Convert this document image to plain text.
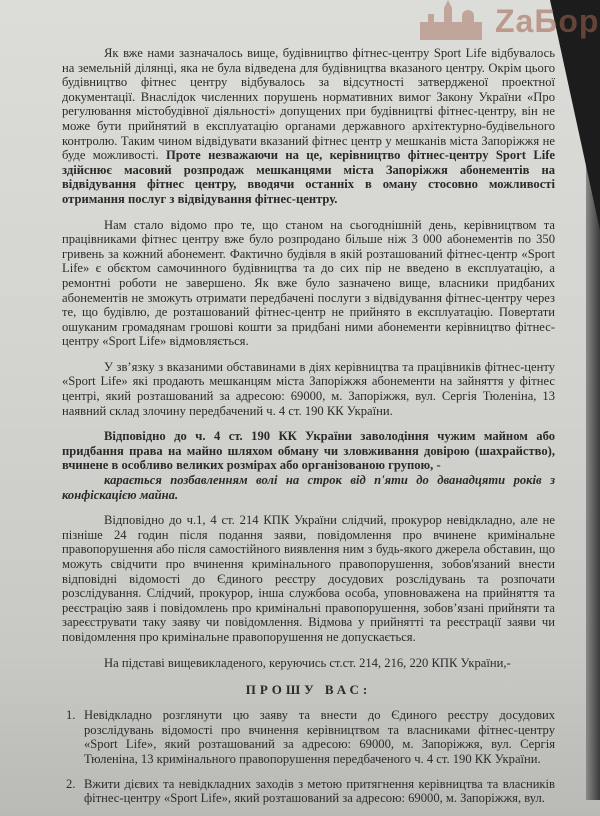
ZaБор

Як вже нами зазначалось вище, будівництво фітнес-центру Sport Life відбувалось на земельній ділянці, яка не була відведена для будівництва вказаного центру. Окрім цього будівництво фітнес центру відбувалось за відсутності затвердженої проектної документації. Внаслідок численних порушень нормативних вимог Закону України «Про регулювання містобудівної діяльності» допущених при будівництві фітнес-центру, він не може бути прийнятий в експлуатацію органами державного архітектурно-будівельного контролю. Таким чином відвідувати вказаний фітнес центр у мешканів міста Запоріжжя не буде можливості. Проте незважаючи на це, керівництво фітнес-центру Sport Life здійснює масовий розпродаж мешканцями міста Запоріжжя абонементів на відвідування фітнес центру, вводячи останніх в оману стосовно можливості отримання послуг з відвідування фітнес-центру.

Нам стало відомо про те, що станом на сьогоднішній день, керівництвом та працівниками фітнес центру вже було розпродано більше ніж 3 000 абонементів по 350 гривень за кожний абонемент. Фактично будівля в якій розташований фітнес-центр «Sport Life» є обєктом самочинного будівництва та до сих пір не введено в експлуатацію, а ремонтні роботи не завершено. Як вже було зазначено вище, власники придбаних абонементів не зможуть отримати передбачені послуги з відвідування фітнес-центру через те, що будівлю, де розташований фітнес-центр не прийнято в експлуатацію. Повертати ошуканим громадянам грошові кошти за придбані ними абонементи керівництво фітнес-центру «Sport Life» відмовляється.

У зв’язку з вказаними обставинами в діях керівництва та працівників фітнес-центу «Sport Life» які продають мешканцям міста Запоріжжя абонементи на зайняття у фітнес центрі, який розташований за адресою: 69000, м. Запоріжжя, вул. Сергія Тюленіна, 13 наявний склад злочину передбачений ч. 4 ст. 190 КК України.

Відповідно до ч. 4 ст. 190 КК України заволодіння чужим майном або придбання права на майно шляхом обману чи зловживання довірою (шахрайство), вчинене в особливо великих розмірах або організованою групою, -

карається позбавленням волі на строк від п'яти до дванадцяти років з конфіскацією майна.

Відповідно до ч.1, 4 ст. 214 КПК України слідчий, прокурор невідкладно, але не пізніше 24 годин після подання заяви, повідомлення про вчинене кримінальне правопорушення або після самостійного виявлення ним з будь-якого джерела обставин, що можуть свідчити про вчинення кримінального правопорушення, зобов'язаний внести відповідні відомості до Єдиного реєстру досудових розслідувань та розпочати розслідування. Слідчий, прокурор, інша службова особа, уповноважена на прийняття та реєстрацію заяв і повідомлень про кримінальні правопорушення, зобов’язані прийняти та зареєструвати таку заяву чи повідомлення. Відмова у прийнятті та реєстрації заяви чи повідомлення про кримінальне правопорушення не допускається.

На підставі вищевикладеного, керуючись ст.ст. 214, 216, 220 КПК України,-

ПРОШУ ВАС:
1. Невідкладно розглянути цю заяву та внести до Єдиного реєстру досудових розслідувань відомості про вчинення керівництвом та власниками фітнес-центру «Sport Life», який розташований за адресою: 69000, м. Запоріжжя, вул. Сергія Тюленіна, 13 кримінального правопорушення передбаченого ч. 4 ст. 190 КК України.
2. Вжити дієвих та невідкладних заходів з метою притягнення керівництва та власників фітнес-центру «Sport Life», який розташований за адресою: 69000, м. Запоріжжя, вул.
